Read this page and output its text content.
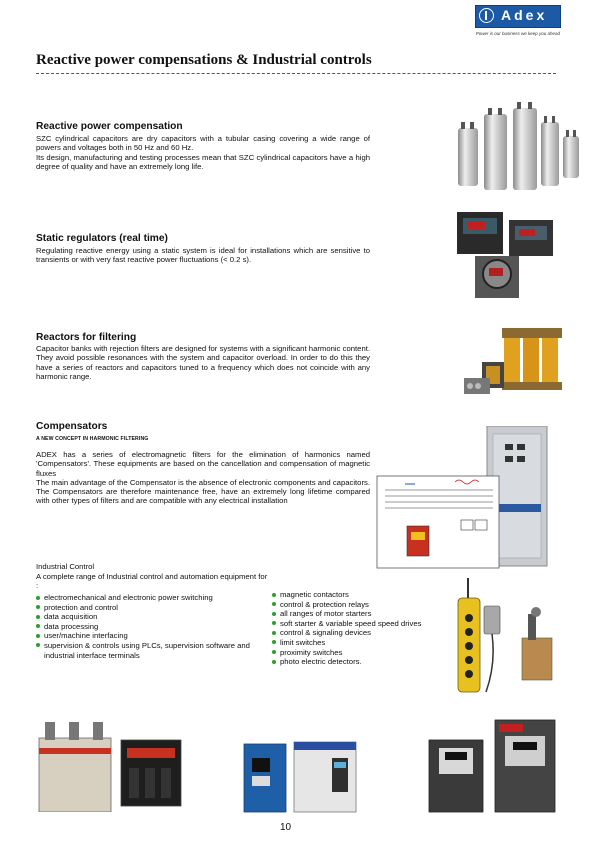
Adex
Power is our business we keep you ahead
Reactive power compensations & Industrial controls
Reactive power compensation
SZC cylindrical capacitors are dry capacitors with a tubular casing covering a wide range of powers and voltages both in 50 Hz and 60 Hz.
Its design, manufacturing and testing processes mean that SZC cylindrical capacitors have a high degree of quality and have an extremely long life.
Static regulators (real time)
Regulating reactive energy using a static system is ideal for installations which are sensitive to transients or with very fast reactive power fluctuations (< 0.2 s).
Reactors for filtering
Capacitor banks with rejection filters are designed for systems with a significant harmonic content. They avoid possible resonances with the system and capacitor overload. In order to do this they have a series of reactors and capacitors tuned to a frequency which does not coincide with any harmonic range.
Compensators
A NEW CONCEPT IN HARMONIC FILTERING
ADEX has a series of electromagnetic filters for the elimination of harmonics named 'Compensators'. These equipments are based on the cancellation and compensation of magnetic fluxes
The main advantage of the Compensator is the absence of electronic components and capacitors. The Compensators are therefore maintenance free, have an extremely long lifetime compared with other types of filters and are compatible with any electrical installation
Industrial Control
A complete range of Industrial control and automation equipment for :
electromechanical and electronic power switching
protection and control
data acquisition
data processing
user/machine interfacing
supervision & controls using PLCs, supervision software and industrial interface terminals
magnetic contactors
control & protection relays
all ranges of motor starters
soft starter & variable speed speed drives
control & signaling devices
limit switches
proximity switches
photo electric detectors.
10
